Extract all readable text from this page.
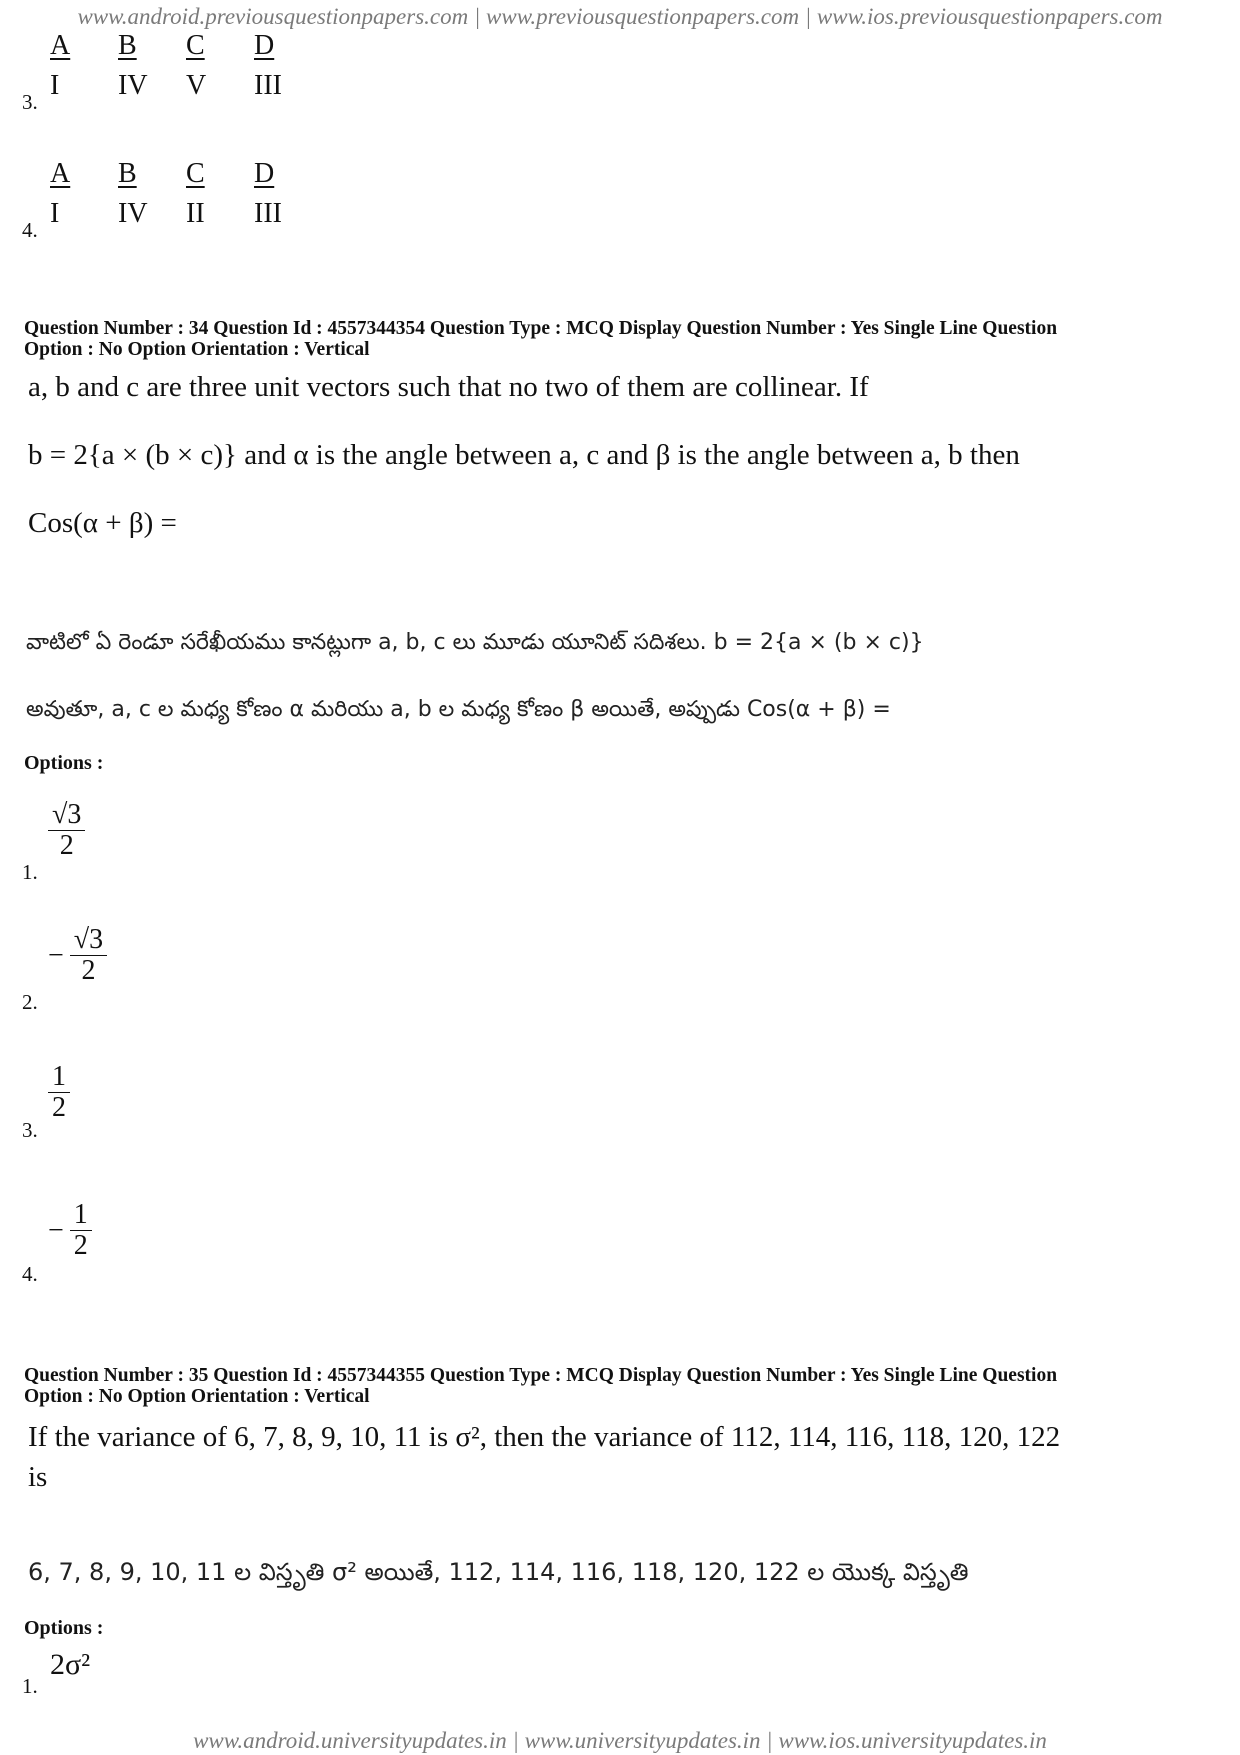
www.android.previousquestionpapers.com | www.previousquestionpapers.com | www.ios.previousquestionpapers.com
3.
A	B	C	D
I	IV	V	III
4.
A	B	C	D
I	IV	II	III
Question Number : 34 Question Id : 4557344354 Question Type : MCQ Display Question Number : Yes Single Line Question
Option : No Option Orientation : Vertical
a, b and c are three unit vectors such that no two of them are collinear. If
b = 2{a × (b × c)} and α is the angle between a, c and β is the angle between a, b then
Cos(α + β) =
వాటిలో ఏ రెండూ సరేఖీయము కానట్లుగా a, b, c లు మూడు యూనిట్ సదిశలు. b = 2{a × (b × c)}
అవుతూ, a, c ల మధ్య కోణం α మరియు a, b ల మధ్య కోణం β అయితే, అప్పుడు Cos(α + β) =
Options :
1.
$\frac{√3}{2}$
2.
− $\frac{√3}{2}$
3.
$\frac{1}{2}$
4.
− $\frac{1}{2}$
Question Number : 35 Question Id : 4557344355 Question Type : MCQ Display Question Number : Yes Single Line Question
Option : No Option Orientation : Vertical
If the variance of 6, 7, 8, 9, 10, 11 is σ², then the variance of 112, 114, 116, 118, 120, 122
is
6, 7, 8, 9, 10, 11 ల విస్తృతి σ² అయితే, 112, 114, 116, 118, 120, 122 ల యొక్క విస్తృతి
Options :
1.
2σ²
www.android.universityupdates.in | www.universityupdates.in | www.ios.universityupdates.in
